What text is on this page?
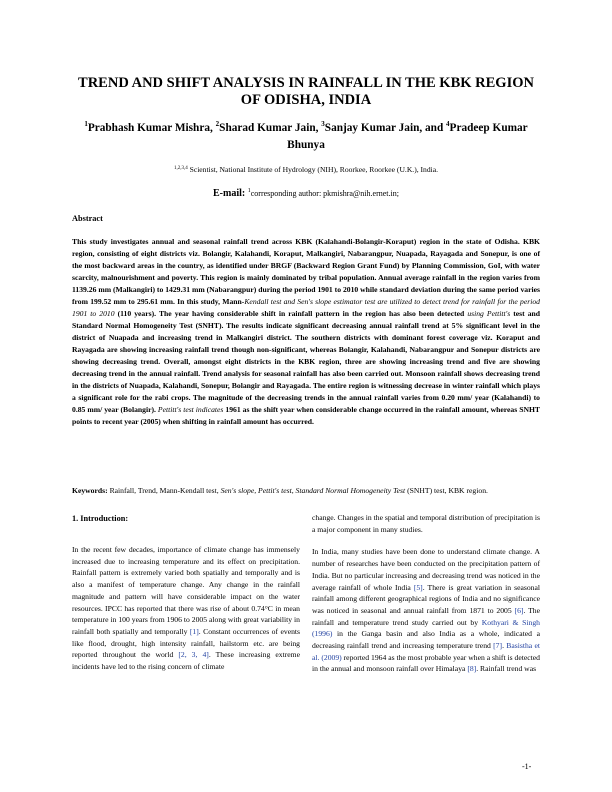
TREND AND SHIFT ANALYSIS IN RAINFALL IN THE KBK REGION OF ODISHA, INDIA
$^1$Prabhash Kumar Mishra, $^2$Sharad Kumar Jain, $^3$Sanjay Kumar Jain, and $^4$Pradeep Kumar Bhunya
$^{1,2,3,4}$ Scientist, National Institute of Hydrology (NIH), Roorkee, Roorkee (U.K.), India.
E-mail: $^1$corresponding author: pkmishra@nih.ernet.in;
Abstract
This study investigates annual and seasonal rainfall trend across KBK (Kalahandi-Bolangir-Koraput) region in the state of Odisha. KBK region, consisting of eight districts viz. Bolangir, Kalahandi, Koraput, Malkangiri, Nabarangpur, Nuapada, Rayagada and Sonepur, is one of the most backward areas in the country, as identified under BRGF (Backward Region Grant Fund) by Planning Commission, GoI, with water scarcity, malnourishment and poverty. This region is mainly dominated by tribal population. Annual average rainfall in the region varies from 1139.26 mm (Malkangiri) to 1429.31 mm (Nabarangpur) during the period 1901 to 2010 while standard deviation during the same period varies from 199.52 mm to 295.61 mm. In this study, Mann-Kendall test and Sen's slope estimator test are utilized to detect trend for rainfall for the period 1901 to 2010 (110 years). The year having considerable shift in rainfall pattern in the region has also been detected using Pettitt's test and Standard Normal Homogeneity Test (SNHT). The results indicate significant decreasing annual rainfall trend at 5% significant level in the district of Nuapada and increasing trend in Malkangiri district. The southern districts with dominant forest coverage viz. Koraput and Rayagada are showing increasing rainfall trend though non-significant, whereas Bolangir, Kalahandi, Nabarangpur and Sonepur districts are showing decreasing trend. Overall, amongst eight districts in the KBK region, three are showing increasing trend and five are showing decreasing trend in the annual rainfall. Trend analysis for seasonal rainfall has also been carried out. Monsoon rainfall shows decreasing trend in the districts of Nuapada, Kalahandi, Sonepur, Bolangir and Rayagada. The entire region is witnessing decrease in winter rainfall which plays a significant role for the rabi crops. The magnitude of the decreasing trends in the annual rainfall varies from 0.20 mm/ year (Kalahandi) to 0.85 mm/ year (Bolangir). Pettitt's test indicates 1961 as the shift year when considerable change occurred in the rainfall amount, whereas SNHT points to recent year (2005) when shifting in rainfall amount has occurred.
Keywords: Rainfall, Trend, Mann-Kendall test, Sen's slope, Pettit's test, Standard Normal Homogeneity Test (SNHT) test, KBK region.
1. Introduction:

In the recent few decades, importance of climate change has immensely increased due to increasing temperature and its effect on precipitation. Rainfall pattern is extremely varied both spatially and temporally and is also a manifest of temperature change. Any change in the rainfall magnitude and pattern will have considerable impact on the water resources. IPCC has reported that there was rise of about 0.74°C in mean temperature in 100 years from 1906 to 2005 along with great variability in rainfall both spatially and temporally [1]. Constant occurrences of events like flood, drought, high intensity rainfall, hailstorm etc. are being reported throughout the world [2, 3, 4]. These increasing extreme incidents have led to the rising concern of climate

change. Changes in the spatial and temporal distribution of precipitation is a major component in many studies.

In India, many studies have been done to understand climate change. A number of researches have been conducted on the precipitation pattern of India. But no particular increasing and decreasing trend was noticed in the average rainfall of whole India [5]. There is great variation in seasonal rainfall among different geographical regions of India and no significance was noticed in seasonal and annual rainfall from 1871 to 2005 [6]. The rainfall and temperature trend study carried out by Kothyari & Singh (1996) in the Ganga basin and also India as a whole, indicated a decreasing rainfall trend and increasing temperature trend [7]. Basistha et al. (2009) reported 1964 as the most probable year when a shift is detected in the annual and monsoon rainfall over Himalaya [8]. Rainfall trend was

-1-
